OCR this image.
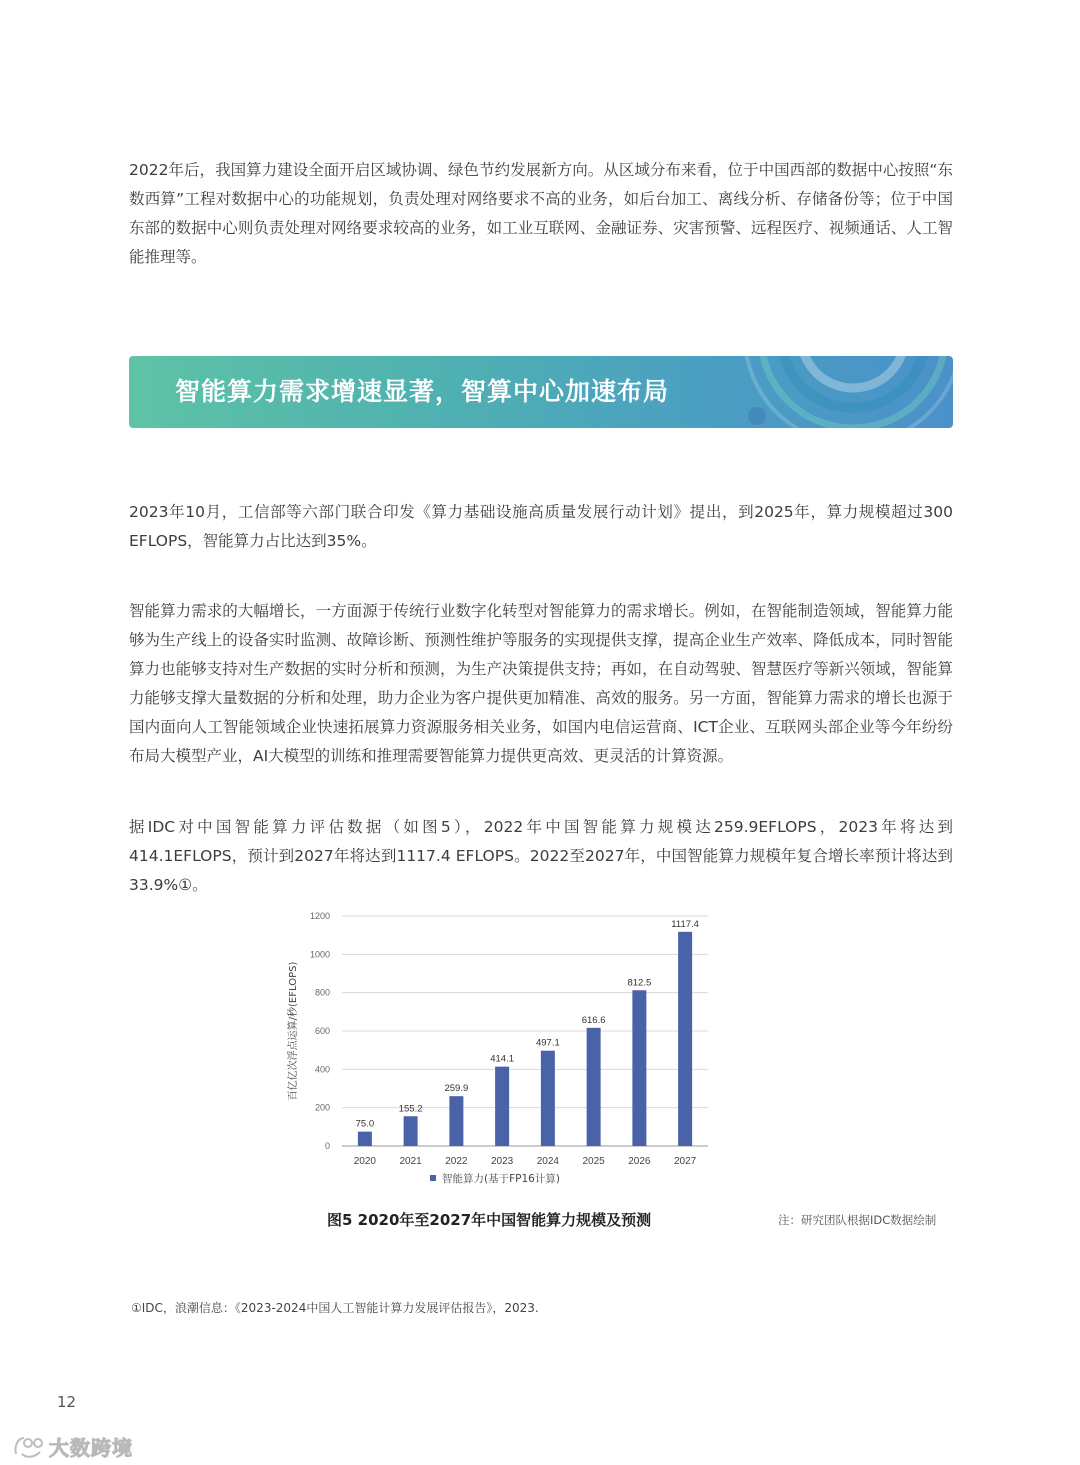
2022年后，我国算力建设全面开启区域协调、绿色节约发展新方向。从区域分布来看，位于中国西部的数据中心按照“东数西算”工程对数据中心的功能规划，负责处理对网络要求不高的业务，如后台加工、离线分析、存储备份等；位于中国东部的数据中心则负责处理对网络要求较高的业务，如工业互联网、金融证券、灾害预警、远程医疗、视频通话、人工智能推理等。

智能算力需求增速显著，智算中心加速布局

2023年10月，工信部等六部门联合印发《算力基础设施高质量发展行动计划》提出，到2025年，算力规模超过300 EFLOPS，智能算力占比达到35%。

智能算力需求的大幅增长，一方面源于传统行业数字化转型对智能算力的需求增长。例如，在智能制造领域，智能算力能够为生产线上的设备实时监测、故障诊断、预测性维护等服务的实现提供支撑，提高企业生产效率、降低成本，同时智能算力也能够支持对生产数据的实时分析和预测，为生产决策提供支持；再如，在自动驾驶、智慧医疗等新兴领域，智能算力能够支撑大量数据的分析和处理，助力企业为客户提供更加精准、高效的服务。另一方面，智能算力需求的增长也源于国内面向人工智能领域企业快速拓展算力资源服务相关业务，如国内电信运营商、ICT企业、互联网头部企业等今年纷纷布局大模型产业，AI大模型的训练和推理需要智能算力提供更高效、更灵活的计算资源。

据IDC对中国智能算力评估数据（如图5），2022年中国智能算力规模达259.9EFLOPS，2023年将达到414.1EFLOPS，预计到2027年将达到1117.4 EFLOPS。2022至2027年，中国智能算力规模年复合增长率预计将达到33.9%①。

0
200
400
600
800
1000
1200
百亿亿次浮点运算/秒(EFLOPS)
75.0
2020
155.2
2021
259.9
2022
414.1
2023
497.1
2024
616.6
2025
812.5
2026
1117.4
2027
智能算力(基于FP16计算)
图5 2020年至2027年中国智能算力规模及预测	注：研究团队根据IDC数据绘制
①IDC，浪潮信息：《2023-2024中国人工智能计算力发展评估报告》，2023.
12
大数跨境
